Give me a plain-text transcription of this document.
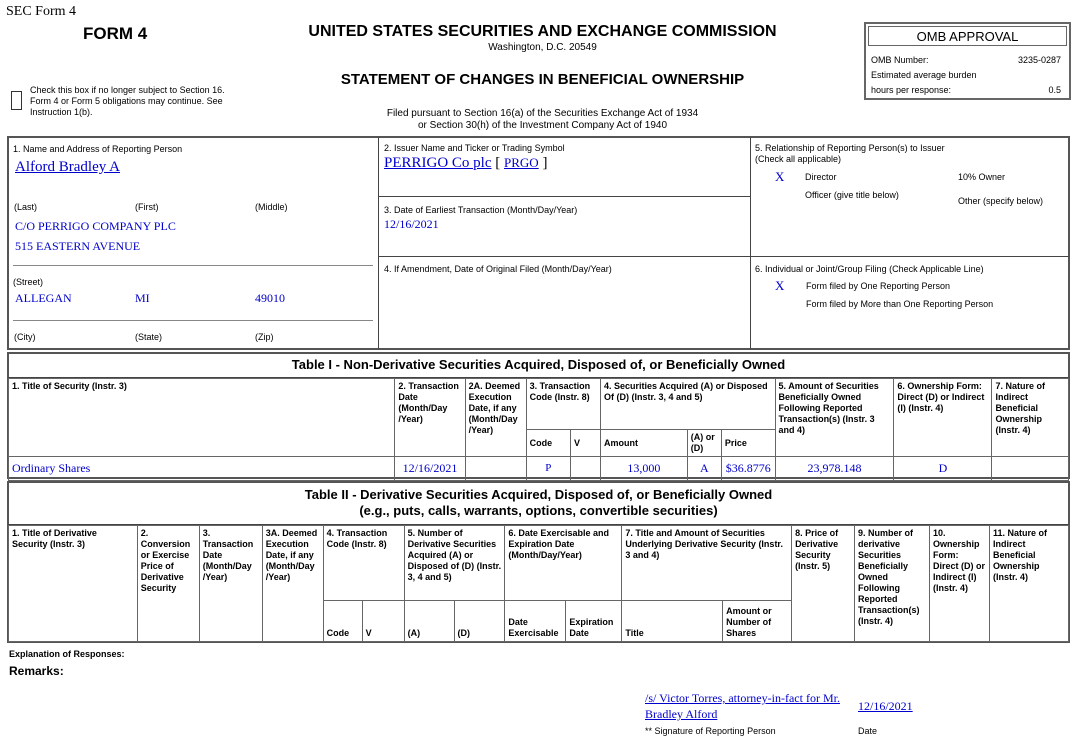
SEC Form 4
FORM 4	UNITED STATES SECURITIES AND EXCHANGE COMMISSION
Washington, D.C. 20549
STATEMENT OF CHANGES IN BENEFICIAL OWNERSHIP
Filed pursuant to Section 16(a) of the Securities Exchange Act of 1934
or Section 30(h) of the Investment Company Act of 1940
OMB APPROVAL
OMB Number:	3235-0287
Estimated average burden
hours per response:	0.5
Check this box if no longer subject to Section 16. Form 4 or Form 5 obligations may continue. See Instruction 1(b).
1. Name and Address of Reporting Person
Alford Bradley A
(Last)	(First)	(Middle)
C/O PERRIGO COMPANY PLC
515 EASTERN AVENUE
(Street)
ALLEGAN	MI	49010
(City)	(State)	(Zip)
2. Issuer Name and Ticker or Trading Symbol
PERRIGO Co plc [ PRGO ]
3. Date of Earliest Transaction (Month/Day/Year)
12/16/2021
4. If Amendment, Date of Original Filed (Month/Day/Year)
5. Relationship of Reporting Person(s) to Issuer
(Check all applicable)
X Director	10% Owner
Officer (give title below)
Other (specify below)
6. Individual or Joint/Group Filing (Check Applicable Line)
X Form filed by One Reporting Person
Form filed by More than One Reporting Person
Table I - Non-Derivative Securities Acquired, Disposed of, or Beneficially Owned
1. Title of Security (Instr. 3)	2. Transaction Date (Month/Day /Year)	2A. Deemed Execution Date, if any (Month/Day /Year)	3. Transaction Code (Instr. 8)		4. Securities Acquired (A) or Disposed Of (D) (Instr. 3, 4 and 5)			5. Amount of Securities Beneficially Owned Following Reported Transaction(s) (Instr. 3 and 4)	6. Ownership Form: Direct (D) or Indirect (I) (Instr. 4)	7. Nature of Indirect Beneficial Ownership (Instr. 4)
			Code	V	Amount	(A) or (D)	Price			
Ordinary Shares	12/16/2021		P		13,000	A	$36.8776	23,978.148	D	
Table II - Derivative Securities Acquired, Disposed of, or Beneficially Owned
(e.g., puts, calls, warrants, options, convertible securities)
1. Title of Derivative Security (Instr. 3)	2. Conversion or Exercise Price of Derivative Security	3. Transaction Date (Month/Day /Year)	3A. Deemed Execution Date, if any (Month/Day /Year)	4. Transaction Code (Instr. 8)		5. Number of Derivative Securities Acquired (A) or Disposed of (D) (Instr. 3, 4 and 5)		6. Date Exercisable and Expiration Date (Month/Day/Year)		7. Title and Amount of Securities Underlying Derivative Security (Instr. 3 and 4)		8. Price of Derivative Security (Instr. 5)	9. Number of derivative Securities Beneficially Owned Following Reported Transaction(s) (Instr. 4)	10. Ownership Form: Direct (D) or Indirect (I) (Instr. 4)	11. Nature of Indirect Beneficial Ownership (Instr. 4)
				Code	V	(A)	(D)	Date Exercisable	Expiration Date	Title	Amount or Number of Shares				
Explanation of Responses:
Remarks:
/s/ Victor Torres, attorney-in-fact for Mr. Bradley Alford
12/16/2021
** Signature of Reporting Person	Date
